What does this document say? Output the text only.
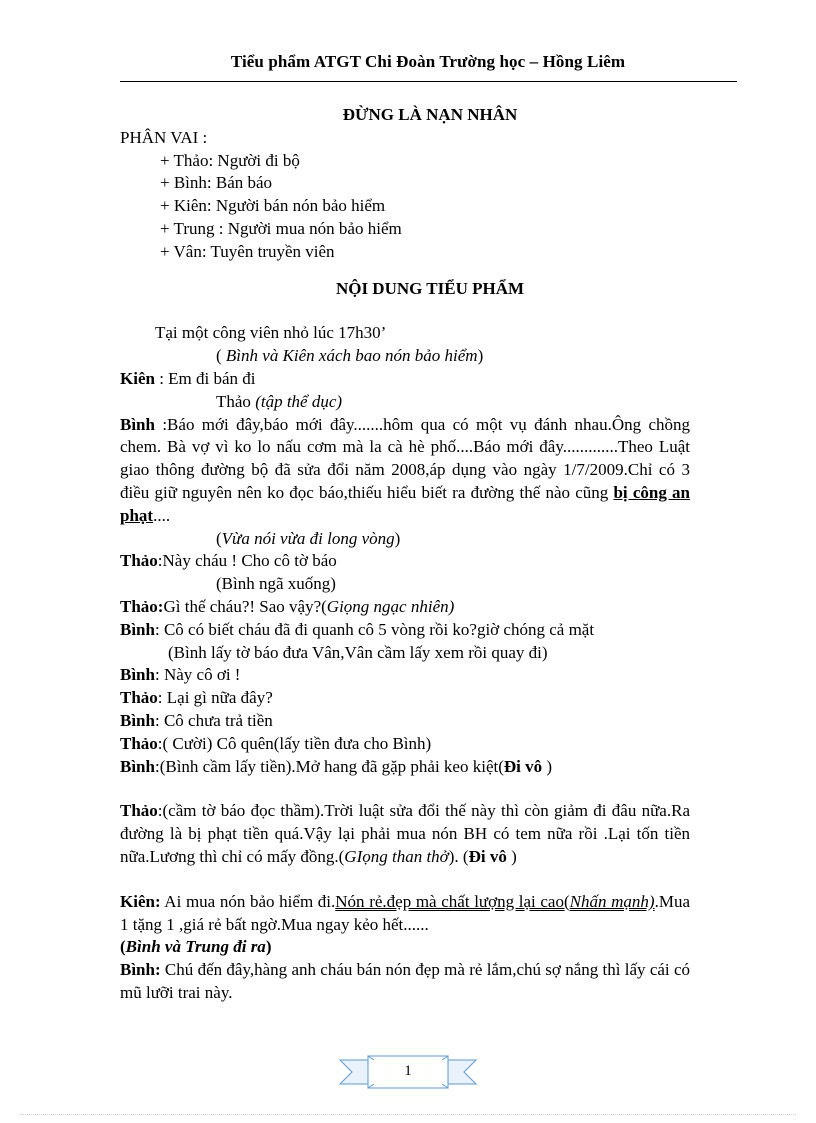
Tiểu phẩm ATGT Chi Đoàn Trường học – Hồng Liêm

ĐỪNG LÀ NẠN NHÂN

PHÂN VAI :

+ Thảo: Người đi bộ

+ Bình: Bán báo

+ Kiên: Người bán nón bảo hiểm

+ Trung : Người mua nón bảo hiểm

+ Vân: Tuyên truyền viên

NỘI DUNG TIỂU PHẨM

Tại một công viên nhỏ lúc 17h30’

( Bình và Kiên xách bao nón bảo hiểm)

Kiên : Em đi bán đi

Thảo (tập thể dục)

Bình :Báo mới đây,báo mới đây.......hôm qua có một vụ đánh nhau.Ông chồng chem. Bà vợ vì ko lo nấu cơm mà la cà hè phố....Báo mới đây.............Theo Luật giao thông đường bộ đã sửa đổi năm 2008,áp dụng vào ngày 1/7/2009.Chỉ có 3 điều giữ nguyên nên ko đọc báo,thiếu hiểu biết ra đường thế nào cũng bị công an phạt....

(Vừa nói vừa đi long vòng)

Thảo:Này cháu ! Cho cô tờ báo

(Bình ngã xuống)

Thảo:Gì thế cháu?! Sao vậy?(Giọng ngạc nhiên)

Bình: Cô có biết cháu đã đi quanh cô 5 vòng rồi ko?giờ chóng cả mặt

(Bình lấy tờ báo đưa Vân,Vân cầm lấy xem rồi quay đi)

Bình: Này cô ơi !

Thảo: Lại gì nữa đây?

Bình: Cô chưa trả tiền

Thảo:( Cười) Cô quên(lấy tiền đưa cho Bình)

Bình:(Bình cầm lấy tiền).Mở hang đã gặp phải keo kiệt(Đi vô )

Thảo:(cầm tờ báo đọc thầm).Trời luật sửa đổi thế này thì còn giảm đi đâu nữa.Ra đường là bị phạt tiền quá.Vậy lại phải mua nón BH có tem nữa rồi .Lại tốn tiền nữa.Lương thì chỉ có mấy đồng.(GIọng than thở). (Đi vô )

Kiên: Ai mua nón bảo hiểm đi.Nón rẻ.đẹp mà chất lượng lại cao(Nhấn mạnh).Mua 1 tặng 1 ,giá rẻ bất ngờ.Mua ngay kẻo hết......

(Bình và Trung đi ra)

Bình: Chú đến đây,hàng anh cháu bán nón đẹp mà rẻ lắm,chú sợ nắng thì lấy cái có mũ lưỡi trai này.

1
